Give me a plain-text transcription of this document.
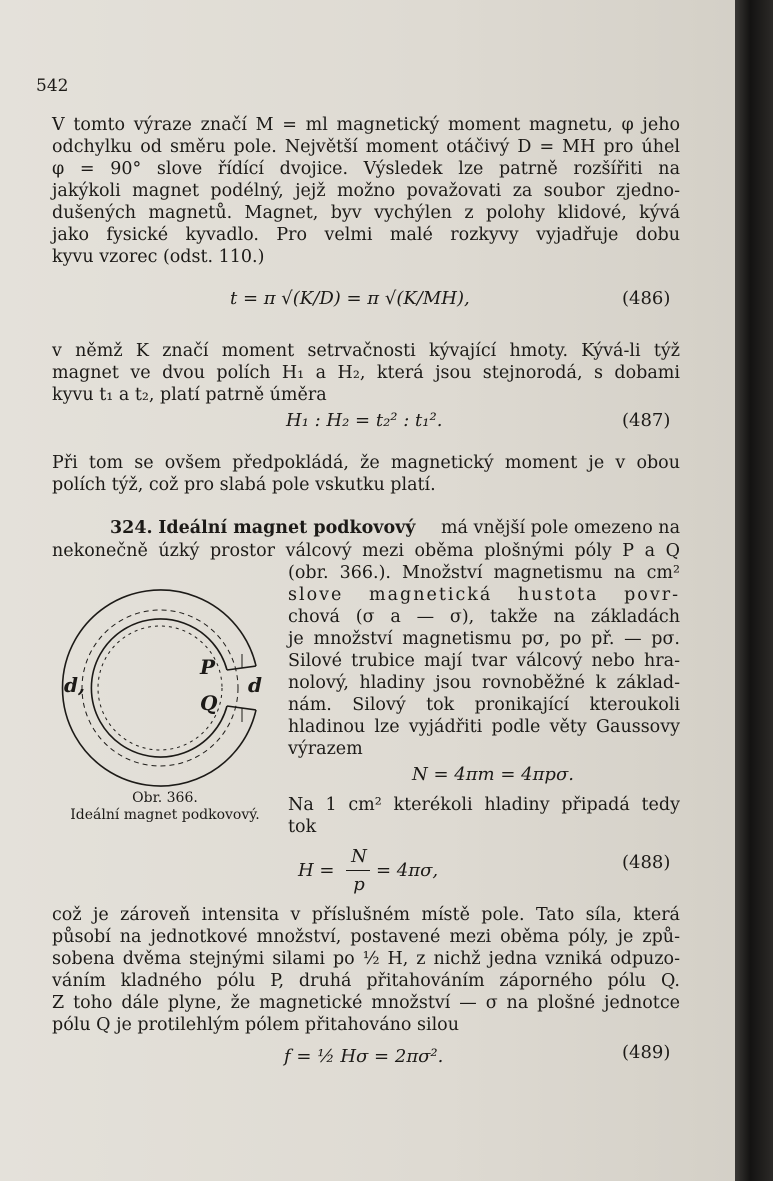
542
V tomto výraze značí M = ml magnetický moment magnetu, φ jeho
odchylku od směru pole. Největší moment otáčivý D = MH pro úhel
φ = 90° slove řídící dvojice. Výsledek lze patrně rozšířiti na
jakýkoli magnet podélný, jejž možno považovati za soubor zjedno-
dušených magnetů. Magnet, byv vychýlen z polohy klidové, kývá
jako fysické kyvadlo. Pro velmi malé rozkyvy vyjadřuje dobu
kyvu vzorec (odst. 110.)
t = π √(K/D) = π √(K/MH),	(486)
v němž K značí moment setrvačnosti kývající hmoty. Kývá-li týž
magnet ve dvou polích H₁ a H₂, která jsou stejnorodá, s dobami
kyvu t₁ a t₂, platí patrně úměra
H₁ : H₂ = t₂² : t₁².	(487)
Při tom se ovšem předpokládá, že magnetický moment je v obou
polích týž, což pro slabá pole vskutku platí.
324. Ideální magnet podkovový má vnější pole omezeno na
nekonečně úzký prostor válcový mezi oběma plošnými póly P a Q
(obr. 366.). Množství magnetismu na cm²
slove magnetická hustota povr-
chová (σ a — σ), takže na základách
je množství magnetismu pσ, po př. — pσ.
Silové trubice mají tvar válcový nebo hra-
nolový, hladiny jsou rovnoběžné k základ-
nám. Silový tok pronikající kteroukoli
hladinou lze vyjádřiti podle věty Gaussovy
výrazem
N = 4πm = 4πpσ.
Na 1 cm² kterékoli hladiny připadá tedy
tok
P
Q
d
d,
Obr. 366.
Ideální magnet podkovový.
H =
N
p
= 4πσ,	(488)
což je zároveň intensita v příslušném místě pole. Tato síla, která
působí na jednotkové množství, postavené mezi oběma póly, je způ-
sobena dvěma stejnými silami po ½ H, z nichž jedna vzniká odpuzo-
váním kladného pólu P, druhá přitahováním záporného pólu Q.
Z toho dále plyne, že magnetické množství — σ na plošné jednotce
pólu Q je protilehlým pólem přitahováno silou
f = ½ Hσ = 2πσ².	(489)
